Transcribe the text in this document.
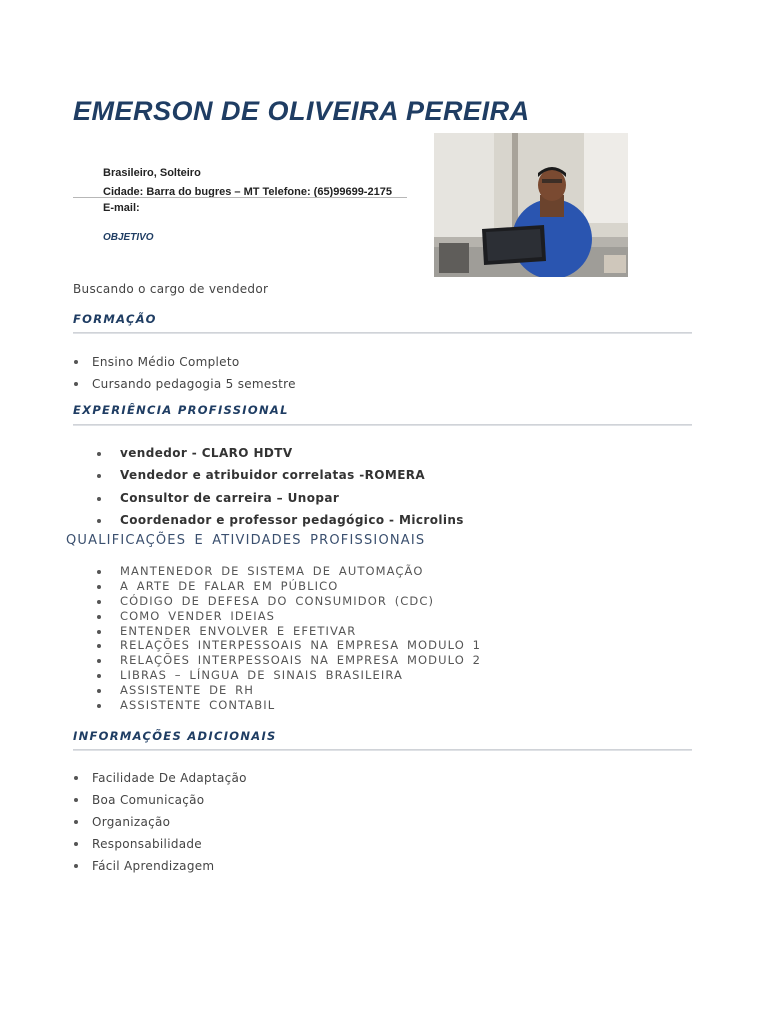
EMERSON DE OLIVEIRA PEREIRA
Brasileiro, Solteiro
Cidade: Barra do bugres – MT Telefone: (65)99699-2175
E-mail:
OBJETIVO
Buscando o cargo de vendedor
FORMAÇÃO
Ensino Médio Completo
Cursando pedagogia 5 semestre
EXPERIÊNCIA PROFISSIONAL
vendedor - CLARO HDTV
Vendedor e atribuidor correlatas -ROMERA
Consultor de carreira – Unopar
Coordenador e professor pedagógico - Microlins
QUALIFICAÇÕES E ATIVIDADES PROFISSIONAIS
MANTENEDOR DE SISTEMA DE AUTOMAÇÃO
A ARTE DE FALAR EM PÚBLICO
CÓDIGO DE DEFESA DO CONSUMIDOR (CDC)
COMO VENDER IDEIAS
ENTENDER ENVOLVER E EFETIVAR
RELAÇÕES INTERPESSOAIS NA EMPRESA MODULO 1
RELAÇÕES INTERPESSOAIS NA EMPRESA MODULO 2
LIBRAS – LÍNGUA DE SINAIS BRASILEIRA
ASSISTENTE DE RH
ASSISTENTE CONTABIL
INFORMAÇÕES ADICIONAIS
Facilidade De Adaptação
Boa Comunicação
Organização
Responsabilidade
Fácil Aprendizagem
